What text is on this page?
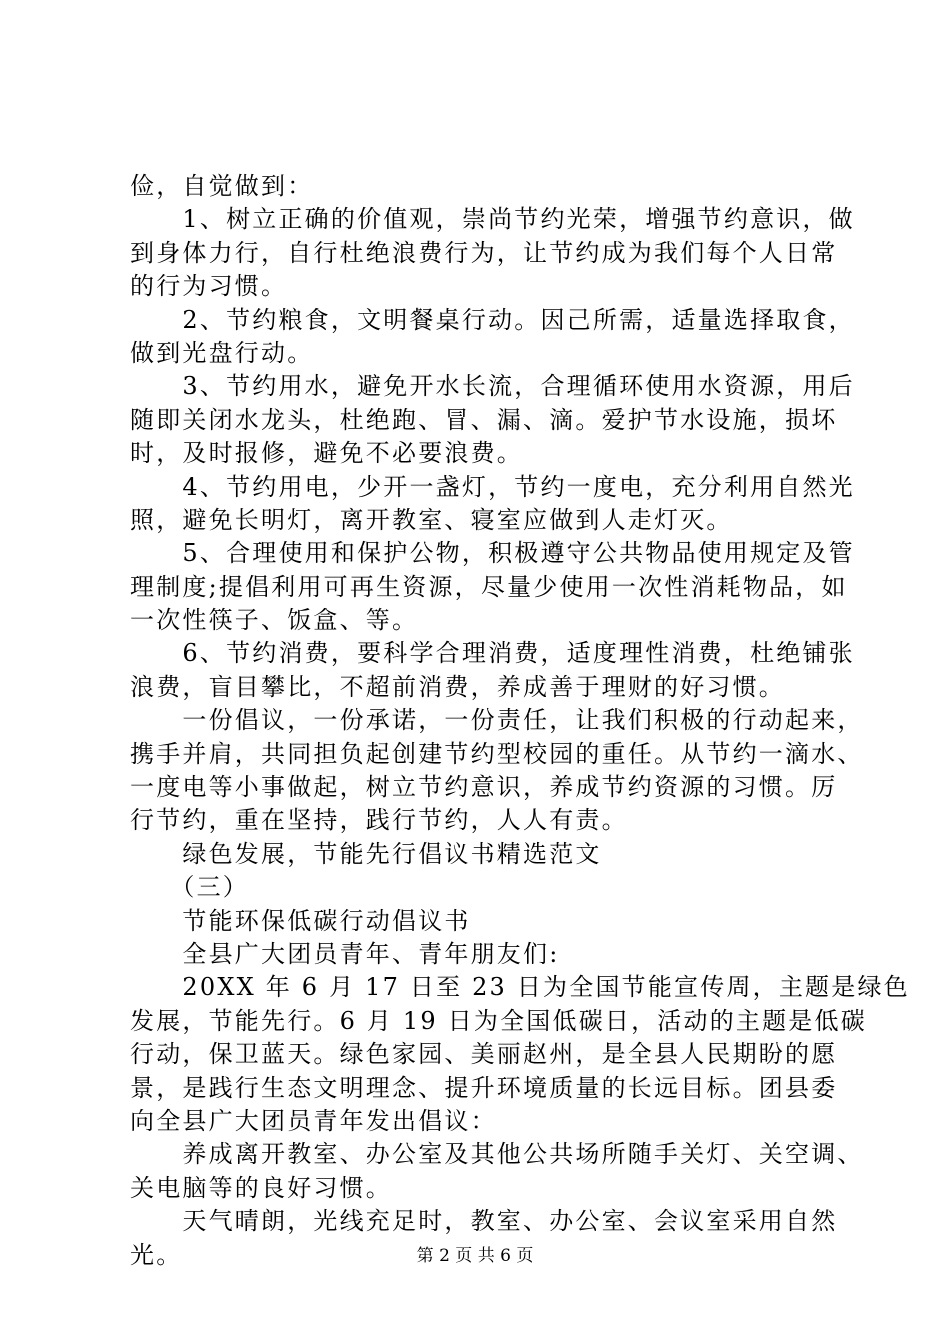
俭，自觉做到：
　　1、树立正确的价值观，崇尚节约光荣，增强节约意识，做
到身体力行，自行杜绝浪费行为，让节约成为我们每个人日常
的行为习惯。
　　2、节约粮食，文明餐桌行动。因己所需，适量选择取食，
做到光盘行动。
　　3、节约用水，避免开水长流，合理循环使用水资源，用后
随即关闭水龙头，杜绝跑、冒、漏、滴。爱护节水设施，损坏
时，及时报修，避免不必要浪费。
　　4、节约用电，少开一盏灯，节约一度电，充分利用自然光
照，避免长明灯，离开教室、寝室应做到人走灯灭。
　　5、合理使用和保护公物，积极遵守公共物品使用规定及管
理制度;提倡利用可再生资源，尽量少使用一次性消耗物品，如
一次性筷子、饭盒、等。
　　6、节约消费，要科学合理消费，适度理性消费，杜绝铺张
浪费，盲目攀比，不超前消费，养成善于理财的好习惯。
　　一份倡议，一份承诺，一份责任，让我们积极的行动起来，
携手并肩，共同担负起创建节约型校园的重任。从节约一滴水、
一度电等小事做起，树立节约意识，养成节约资源的习惯。厉
行节约，重在坚持，践行节约，人人有责。
　　绿色发展，节能先行倡议书精选范文
　　（三）
　　节能环保低碳行动倡议书
　　全县广大团员青年、青年朋友们:
　　20XX 年 6 月 17 日至 23 日为全国节能宣传周，主题是绿色
发展，节能先行。6 月 19 日为全国低碳日，活动的主题是低碳
行动，保卫蓝天。绿色家园、美丽赵州，是全县人民期盼的愿
景，是践行生态文明理念、提升环境质量的长远目标。团县委
向全县广大团员青年发出倡议：
　　养成离开教室、办公室及其他公共场所随手关灯、关空调、
关电脑等的良好习惯。
　　天气晴朗，光线充足时，教室、办公室、会议室采用自然
光。	第 2 页 共 6 页
